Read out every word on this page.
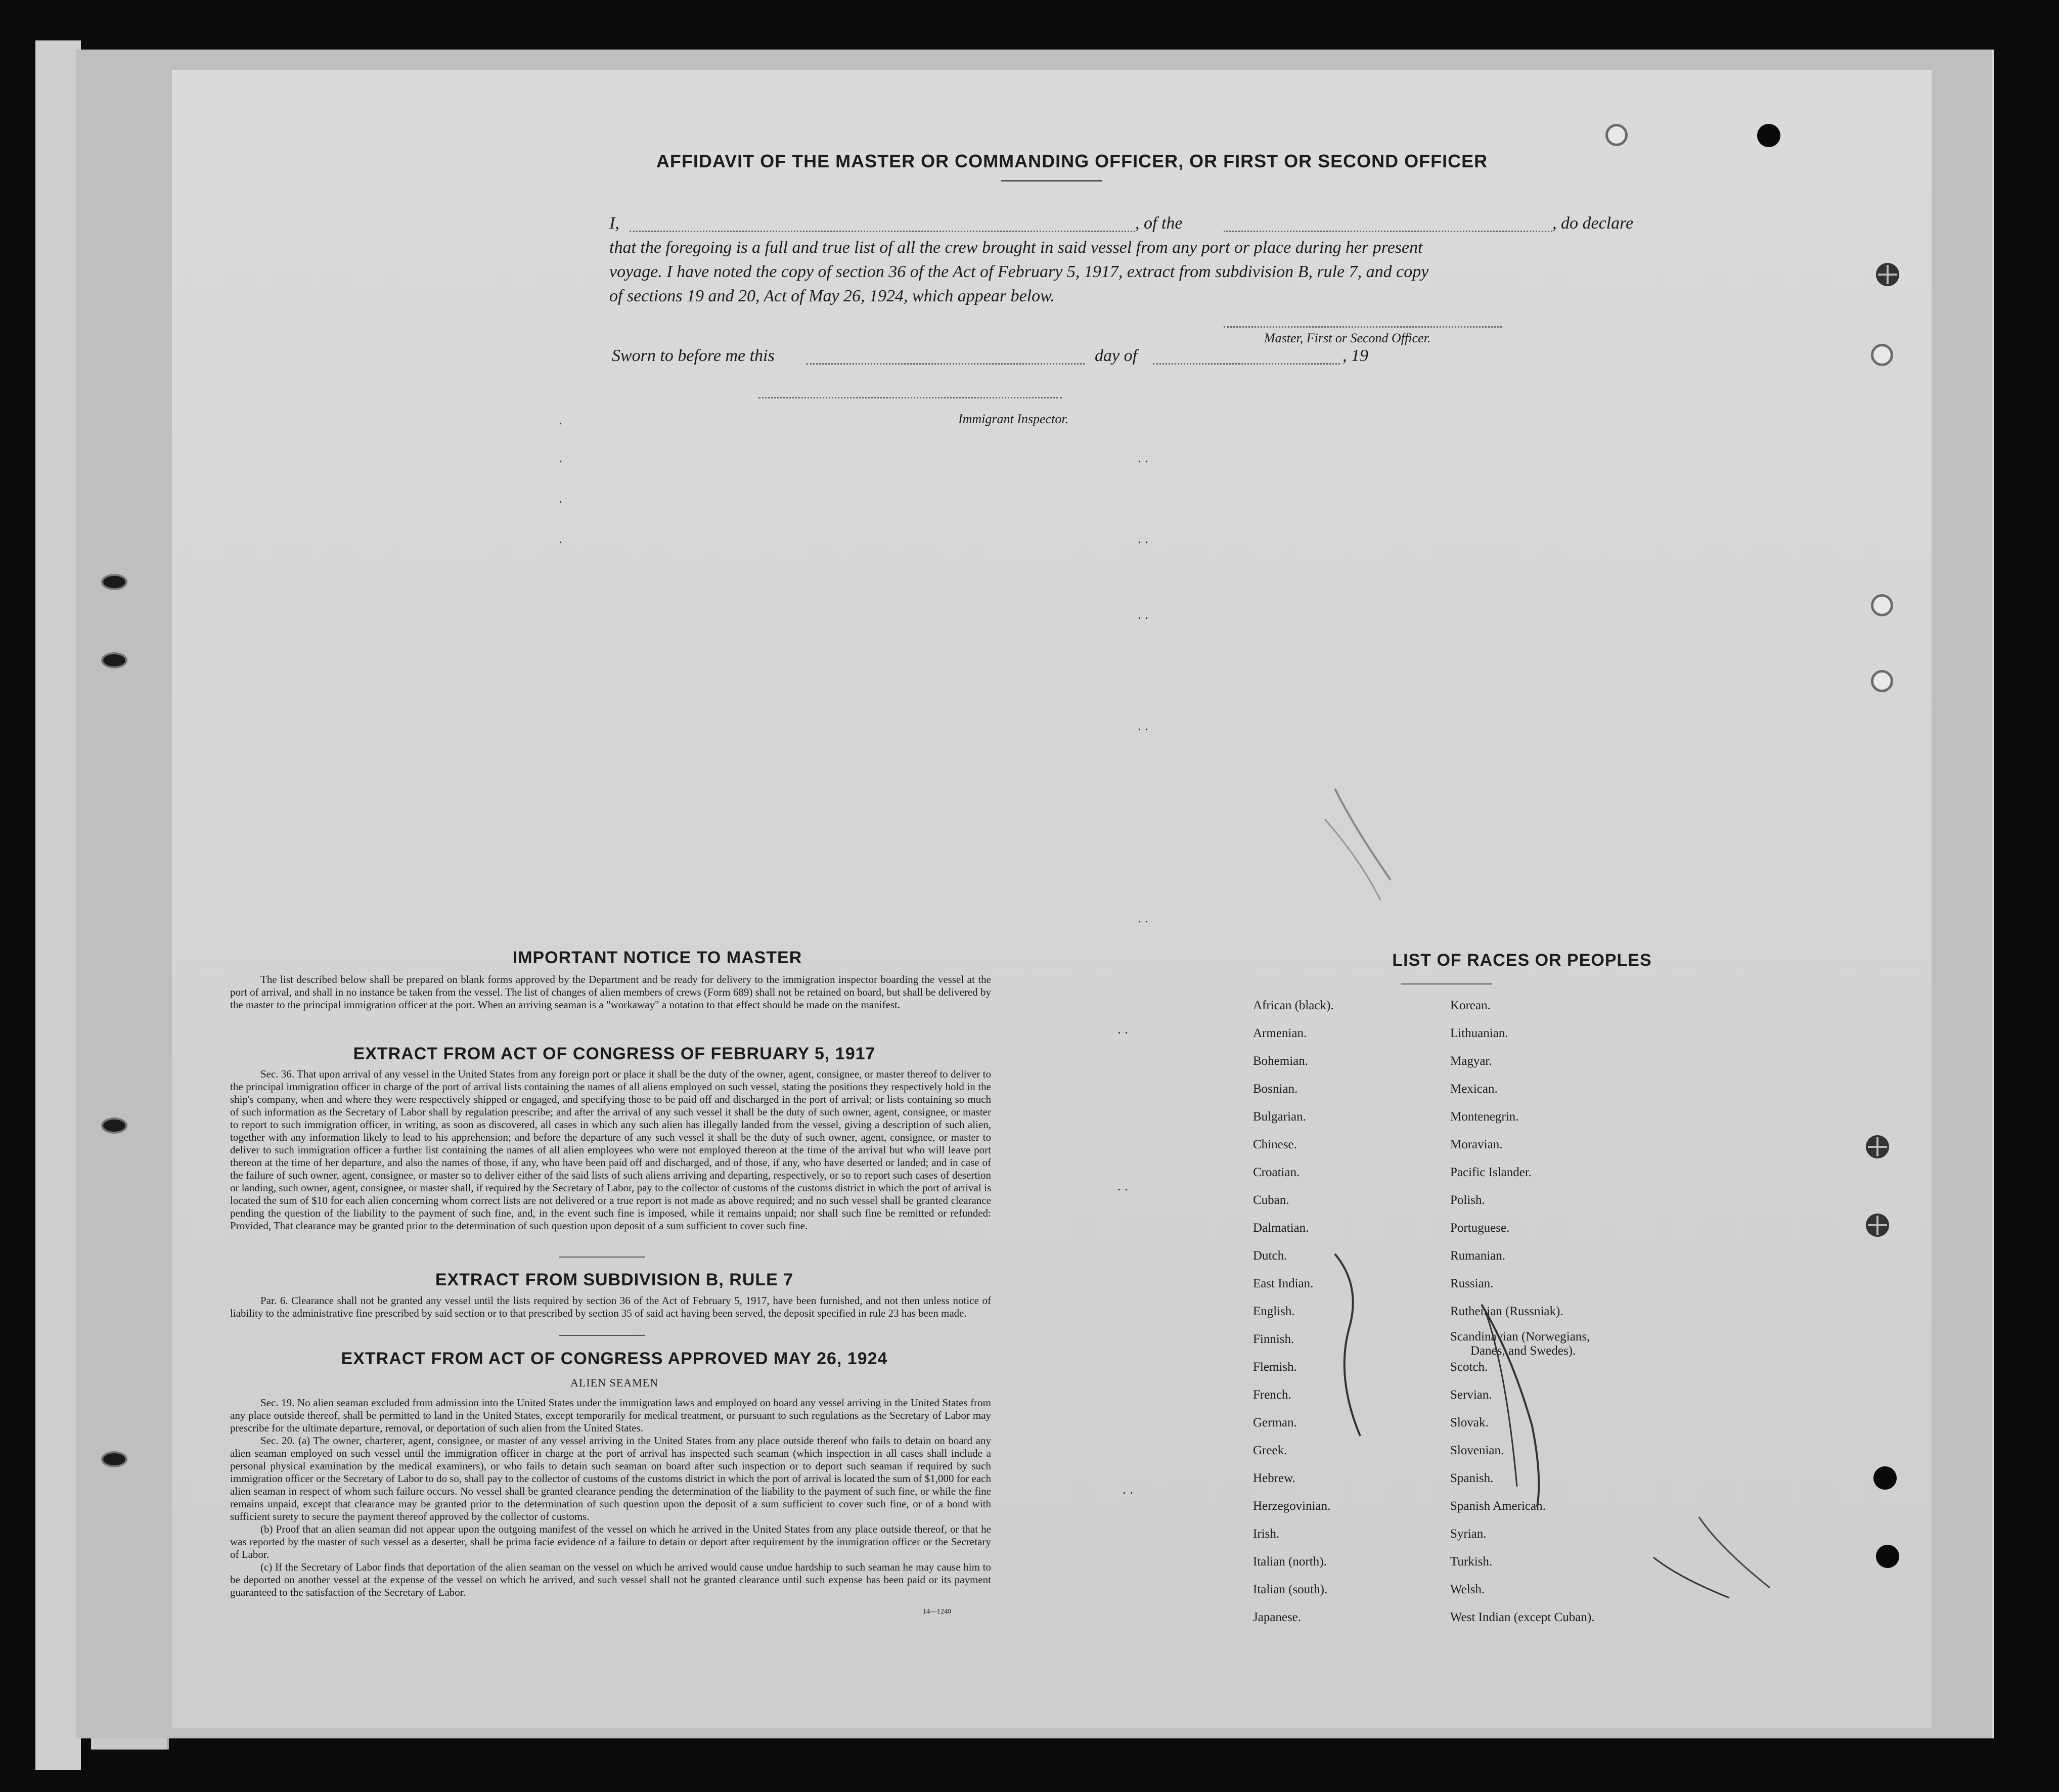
AFFIDAVIT OF THE MASTER OR COMMANDING OFFICER, OR FIRST OR SECOND OFFICER
I,	, of the	, do declare
that the foregoing is a full and true list of all the crew brought in said vessel from any port or place during her present
voyage. I have noted the copy of section 36 of the Act of February 5, 1917, extract from subdivision B, rule 7, and copy
of sections 19 and 20, Act of May 26, 1924, which appear below.
Master, First or Second Officer.
Sworn to before me this	day of	, 19
Immigrant Inspector.
.
.
.
.
. .
. .
. .
. .
. .
. .
. .
. .
IMPORTANT NOTICE TO MASTER
The list described below shall be prepared on blank forms approved by the Department and be ready for delivery to the immigration inspector boarding the vessel at the port of arrival, and shall in no instance be taken from the vessel. The list of changes of alien members of crews (Form 689) shall not be retained on board, but shall be delivered by the master to the principal immigration officer at the port. When an arriving seaman is a "workaway" a notation to that effect should be made on the manifest.
EXTRACT FROM ACT OF CONGRESS OF FEBRUARY 5, 1917
Sec. 36. That upon arrival of any vessel in the United States from any foreign port or place it shall be the duty of the owner, agent, consignee, or master thereof to deliver to the principal immigration officer in charge of the port of arrival lists containing the names of all aliens employed on such vessel, stating the positions they respectively hold in the ship's company, when and where they were respectively shipped or engaged, and specifying those to be paid off and discharged in the port of arrival; or lists containing so much of such information as the Secretary of Labor shall by regulation prescribe; and after the arrival of any such vessel it shall be the duty of such owner, agent, consignee, or master to report to such immigration officer, in writing, as soon as discovered, all cases in which any such alien has illegally landed from the vessel, giving a description of such alien, together with any information likely to lead to his apprehension; and before the departure of any such vessel it shall be the duty of such owner, agent, consignee, or master to deliver to such immigration officer a further list containing the names of all alien employees who were not employed thereon at the time of the arrival but who will leave port thereon at the time of her departure, and also the names of those, if any, who have been paid off and discharged, and of those, if any, who have deserted or landed; and in case of the failure of such owner, agent, consignee, or master so to deliver either of the said lists of such aliens arriving and departing, respectively, or so to report such cases of desertion or landing, such owner, agent, consignee, or master shall, if required by the Secretary of Labor, pay to the collector of customs of the customs district in which the port of arrival is located the sum of $10 for each alien concerning whom correct lists are not delivered or a true report is not made as above required; and no such vessel shall be granted clearance pending the question of the liability to the payment of such fine, and, in the event such fine is imposed, while it remains unpaid; nor shall such fine be remitted or refunded: Provided, That clearance may be granted prior to the determination of such question upon deposit of a sum sufficient to cover such fine.
EXTRACT FROM SUBDIVISION B, RULE 7
Par. 6. Clearance shall not be granted any vessel until the lists required by section 36 of the Act of February 5, 1917, have been furnished, and not then unless notice of liability to the administrative fine prescribed by said section or to that prescribed by section 35 of said act having been served, the deposit specified in rule 23 has been made.
EXTRACT FROM ACT OF CONGRESS APPROVED MAY 26, 1924
ALIEN SEAMEN
Sec. 19. No alien seaman excluded from admission into the United States under the immigration laws and employed on board any vessel arriving in the United States from any place outside thereof, shall be permitted to land in the United States, except temporarily for medical treatment, or pursuant to such regulations as the Secretary of Labor may prescribe for the ultimate departure, removal, or deportation of such alien from the United States.
Sec. 20. (a) The owner, charterer, agent, consignee, or master of any vessel arriving in the United States from any place outside thereof who fails to detain on board any alien seaman employed on such vessel until the immigration officer in charge at the port of arrival has inspected such seaman (which inspection in all cases shall include a personal physical examination by the medical examiners), or who fails to detain such seaman on board after such inspection or to deport such seaman if required by such immigration officer or the Secretary of Labor to do so, shall pay to the collector of customs of the customs district in which the port of arrival is located the sum of $1,000 for each alien seaman in respect of whom such failure occurs. No vessel shall be granted clearance pending the determination of the liability to the payment of such fine, or while the fine remains unpaid, except that clearance may be granted prior to the determination of such question upon the deposit of a sum sufficient to cover such fine, or of a bond with sufficient surety to secure the payment thereof approved by the collector of customs.
(b) Proof that an alien seaman did not appear upon the outgoing manifest of the vessel on which he arrived in the United States from any place outside thereof, or that he was reported by the master of such vessel as a deserter, shall be prima facie evidence of a failure to detain or deport after requirement by the immigration officer or the Secretary of Labor.
(c) If the Secretary of Labor finds that deportation of the alien seaman on the vessel on which he arrived would cause undue hardship to such seaman he may cause him to be deported on another vessel at the expense of the vessel on which he arrived, and such vessel shall not be granted clearance until such expense has been paid or its payment guaranteed to the satisfaction of the Secretary of Labor.
14—1240
LIST OF RACES OR PEOPLES
African (black).
Armenian.
Bohemian.
Bosnian.
Bulgarian.
Chinese.
Croatian.
Cuban.
Dalmatian.
Dutch.
East Indian.
English.
Finnish.
Flemish.
French.
German.
Greek.
Hebrew.
Herzegovinian.
Irish.
Italian (north).
Italian (south).
Japanese.
Korean.
Lithuanian.
Magyar.
Mexican.
Montenegrin.
Moravian.
Pacific Islander.
Polish.
Portuguese.
Rumanian.
Russian.
Ruthenian (Russniak).
Scandinavian (Norwegians,
Danes, and Swedes).
Scotch.
Servian.
Slovak.
Slovenian.
Spanish.
Spanish American.
Syrian.
Turkish.
Welsh.
West Indian (except Cuban).
